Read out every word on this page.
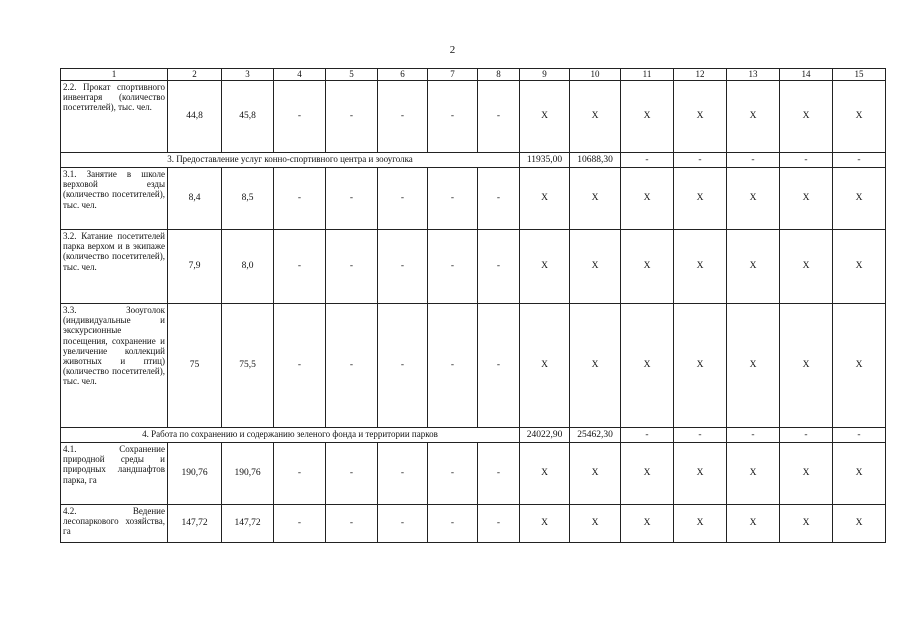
2
1	2	3	4	5	6	7	8	9	10	11	12	13	14	15
2.2. Прокат спортивного инвентаря (количество посетителей), тыс. чел.	44,8	45,8	-	-	-	-	-	X	X	X	X	X	X	X
3. Предоставление услуг конно-спортивного центра и зооуголка								11935,00	10688,30	-	-	-	-	-
3.1. Занятие в школе верховой езды (количество посетителей), тыс. чел.	8,4	8,5	-	-	-	-	-	X	X	X	X	X	X	X
3.2. Катание посетителей парка верхом и в экипаже (количество посетителей), тыс. чел.	7,9	8,0	-	-	-	-	-	X	X	X	X	X	X	X
3.3. Зооуголок (индивидуальные и экскурсионные посещения, сохранение и увеличение коллекций животных и птиц) (количество посетителей), тыс. чел.	75	75,5	-	-	-	-	-	X	X	X	X	X	X	X
4. Работа по сохранению и содержанию зеленого фонда и территории парков								24022,90	25462,30	-	-	-	-	-
4.1. Сохранение природной среды и природных ландшафтов парка, га	190,76	190,76	-	-	-	-	-	X	X	X	X	X	X	X
4.2. Ведение лесопаркового хозяйства, га	147,72	147,72	-	-	-	-	-	X	X	X	X	X	X	X
